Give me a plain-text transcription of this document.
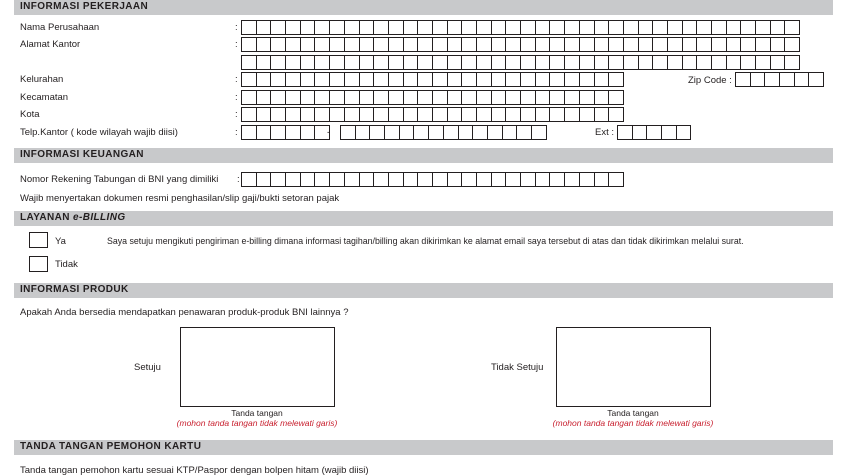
INFORMASI PEKERJAAN
Nama Perusahaan	:
Alamat Kantor	:
Kelurahan	:	Zip Code :
Kecamatan	:
Kota	:
Telp.Kantor ( kode wilayah wajib diisi)	:	-	Ext :
INFORMASI KEUANGAN
Nomor Rekening Tabungan di BNI yang dimiliki :
Wajib menyertakan dokumen resmi penghasilan/slip gaji/bukti setoran pajak
LAYANAN e-BILLING
Ya	Saya setuju mengikuti pengiriman e-billing dimana informasi tagihan/billing akan dikirimkan ke alamat email saya tersebut di atas dan tidak dikirimkan melalui surat.
Tidak
INFORMASI PRODUK
Apakah Anda bersedia mendapatkan penawaran produk-produk BNI lainnya ?
Setuju
Tanda tangan
(mohon tanda tangan tidak melewati garis)
Tidak Setuju
Tanda tangan
(mohon tanda tangan tidak melewati garis)
TANDA TANGAN PEMOHON KARTU
Tanda tangan pemohon kartu sesuai KTP/Paspor dengan bolpen hitam (wajib diisi)
